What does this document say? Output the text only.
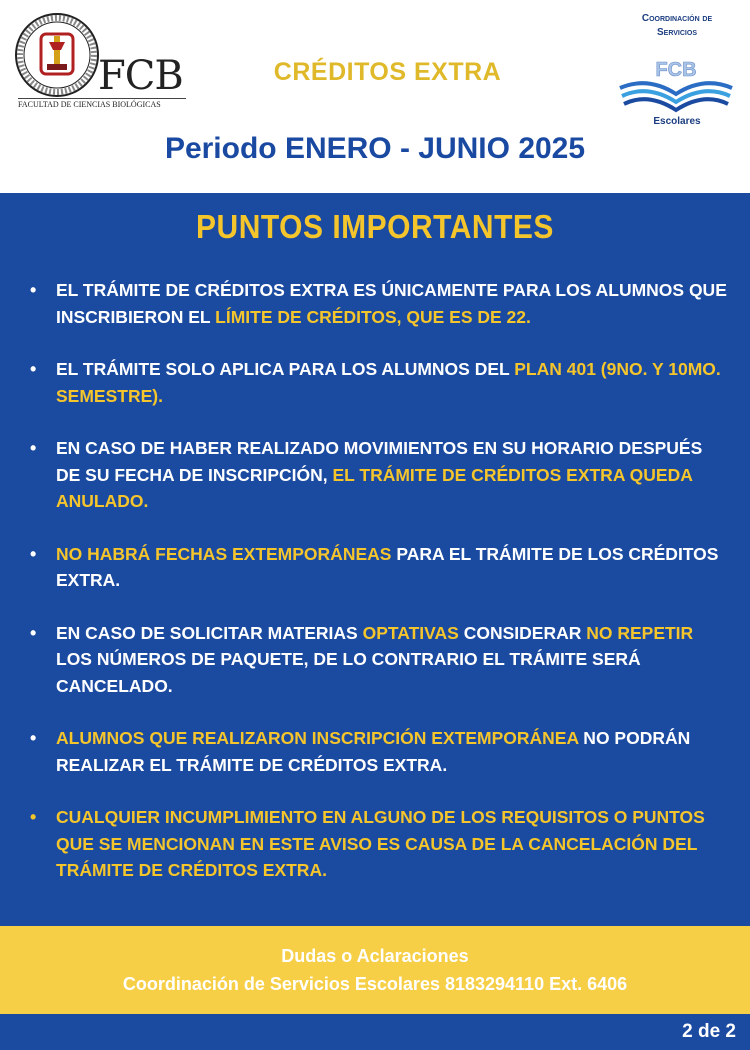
FCB
FACULTAD DE CIENCIAS BIOLÓGICAS
CRÉDITOS EXTRA
Periodo ENERO - JUNIO 2025
Coordinación de
Servicios
FCB
Escolares
PUNTOS IMPORTANTES
• EL TRÁMITE DE CRÉDITOS EXTRA ES ÚNICAMENTE PARA LOS ALUMNOS QUE INSCRIBIERON EL LÍMITE DE CRÉDITOS, QUE ES DE 22.
• EL TRÁMITE SOLO APLICA PARA LOS ALUMNOS DEL PLAN 401 (9NO. Y 10MO. SEMESTRE).
• EN CASO DE HABER REALIZADO MOVIMIENTOS EN SU HORARIO DESPUÉS DE SU FECHA DE INSCRIPCIÓN, EL TRÁMITE DE CRÉDITOS EXTRA QUEDA ANULADO.
• NO HABRÁ FECHAS EXTEMPORÁNEAS PARA EL TRÁMITE DE LOS CRÉDITOS EXTRA.
• EN CASO DE SOLICITAR MATERIAS OPTATIVAS CONSIDERAR NO REPETIR LOS NÚMEROS DE PAQUETE, DE LO CONTRARIO EL TRÁMITE SERÁ CANCELADO.
• ALUMNOS QUE REALIZARON INSCRIPCIÓN EXTEMPORÁNEA NO PODRÁN REALIZAR EL TRÁMITE DE CRÉDITOS EXTRA.
• CUALQUIER INCUMPLIMIENTO EN ALGUNO DE LOS REQUISITOS O PUNTOS QUE SE MENCIONAN EN ESTE AVISO ES CAUSA DE LA CANCELACIÓN DEL TRÁMITE DE CRÉDITOS EXTRA.
Dudas o Aclaraciones
Coordinación de Servicios Escolares 8183294110 Ext. 6406
2 de 2
